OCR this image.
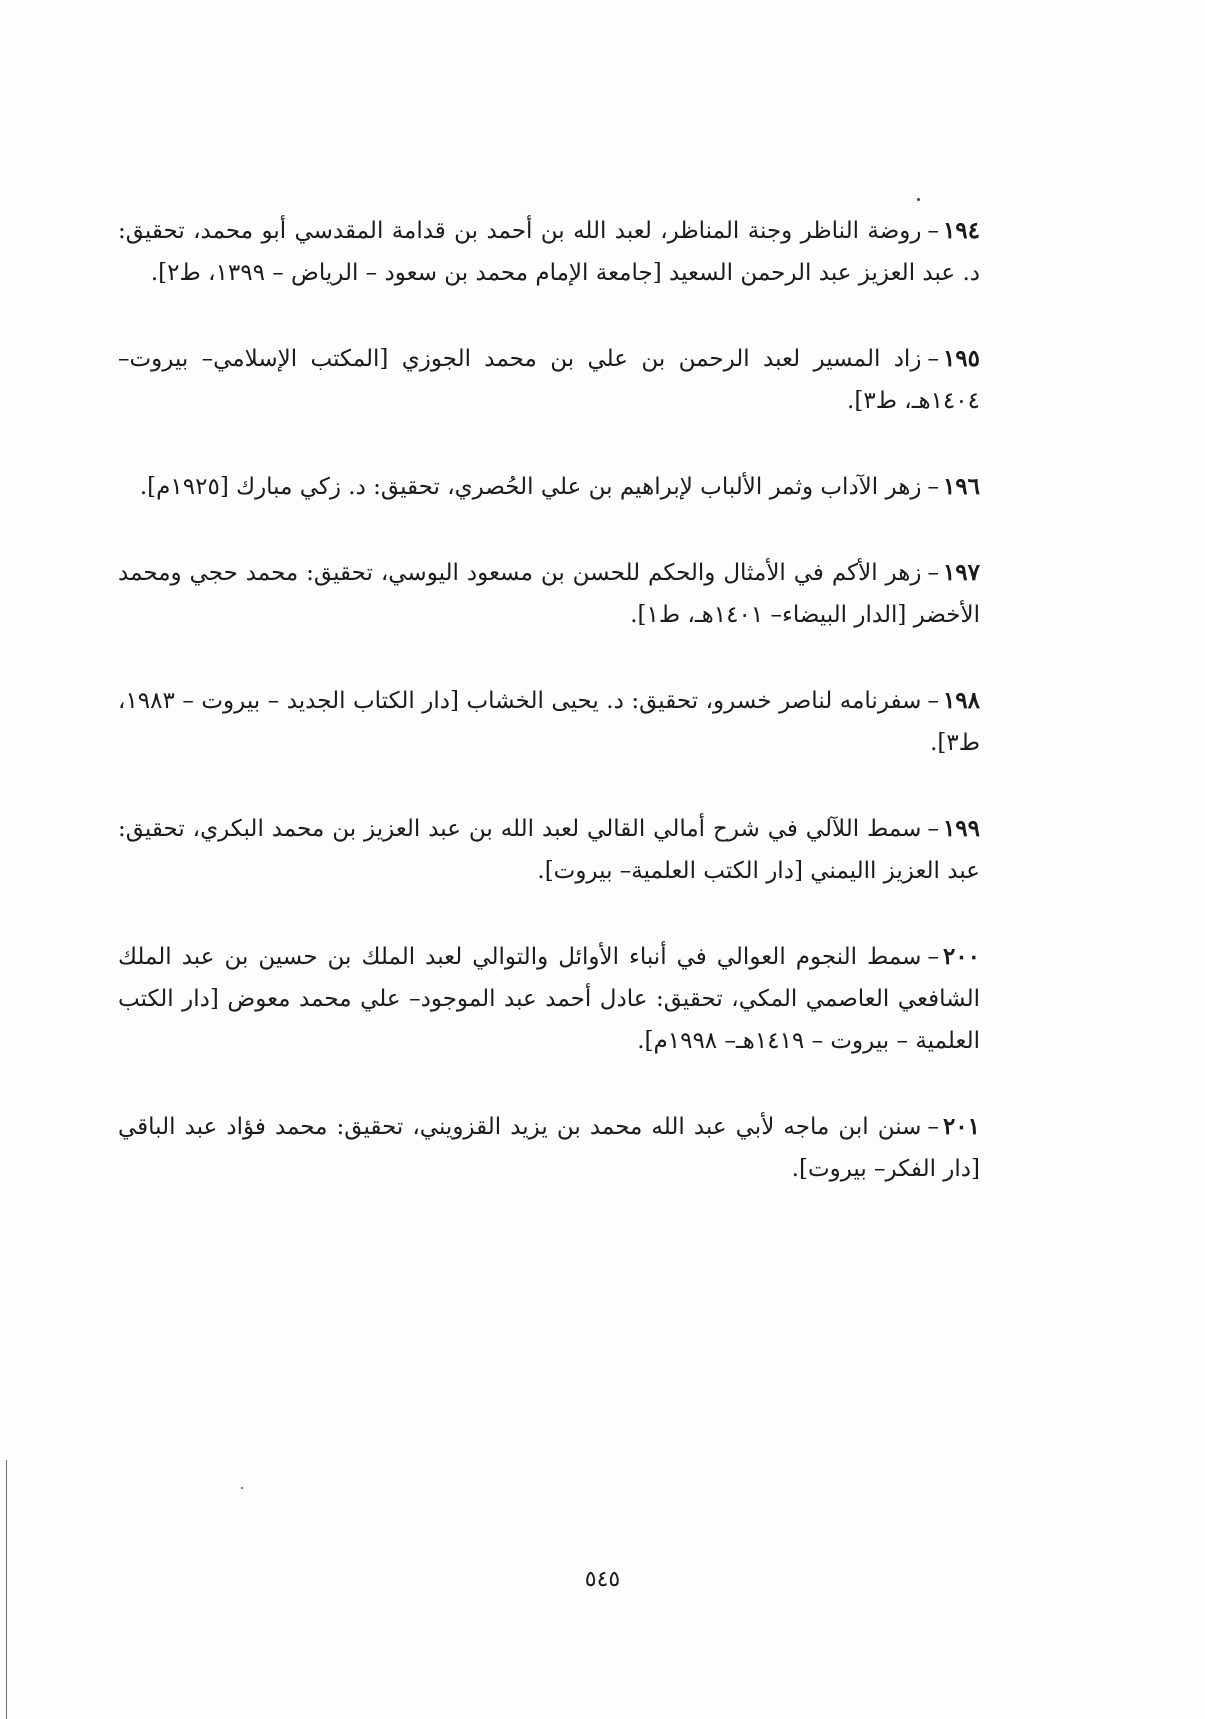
١٩٤–روضة الناظر وجنة المناظر، لعبد الله بن أحمد بن قدامة المقدسي أبو محمد، تحقيق: د. عبد العزيز عبد الرحمن السعيد [جامعة الإمام محمد بن سعود – الرياض – ١٣٩٩، ط٢].

١٩٥–زاد المسير لعبد الرحمن بن علي بن محمد الجوزي [المكتب الإسلامي– بيروت–١٤٠٤هـ، ط٣].

١٩٦–زهر الآداب وثمر الألباب لإبراهيم بن علي الحُصري، تحقيق: د. زكي مبارك [١٩٢٥م].

١٩٧–زهر الأكم في الأمثال والحكم للحسن بن مسعود اليوسي، تحقيق: محمد حجي ومحمد الأخضر [الدار البيضاء– ١٤٠١هـ، ط١].

١٩٨–سفرنامه لناصر خسرو، تحقيق: د. يحيى الخشاب [دار الكتاب الجديد – بيروت – ١٩٨٣، ط٣].

١٩٩–سمط اللآلي في شرح أمالي القالي لعبد الله بن عبد العزيز بن محمد البكري، تحقيق: عبد العزيز االيمني [دار الكتب العلمية– بيروت].

٢٠٠–سمط النجوم العوالي في أنباء الأوائل والتوالي لعبد الملك بن حسين بن عبد الملك الشافعي العاصمي المكي، تحقيق: عادل أحمد عبد الموجود– علي محمد معوض [دار الكتب العلمية – بيروت – ١٤١٩هـ– ١٩٩٨م].

٢٠١–سنن ابن ماجه لأبي عبد الله محمد بن يزيد القزويني، تحقيق: محمد فؤاد عبد الباقي [دار الفكر– بيروت].

٥٤٥
